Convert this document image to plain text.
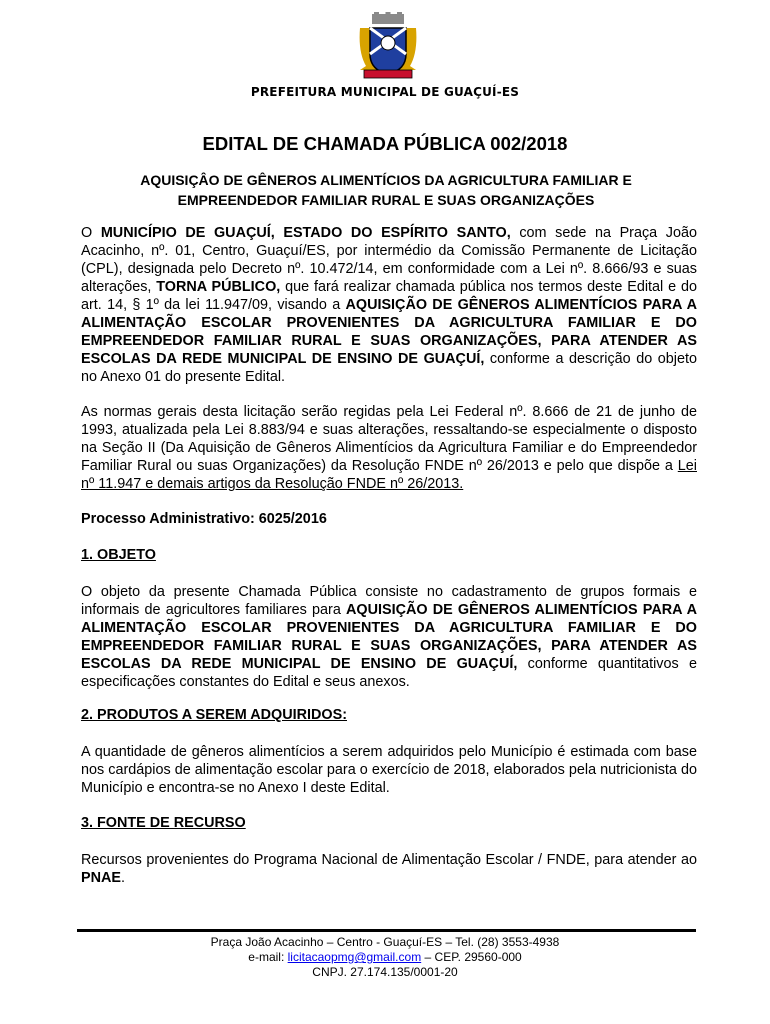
PREFEITURA MUNICIPAL DE GUAÇUÍ-ES
EDITAL DE CHAMADA PÚBLICA 002/2018
AQUISIÇÂO DE GÊNEROS ALIMENTÍCIOS DA AGRICULTURA FAMILIAR E
EMPREENDEDOR FAMILIAR RURAL E SUAS ORGANIZAÇÕES
O MUNICÍPIO DE GUAÇUÍ, ESTADO DO ESPÍRITO SANTO, com sede na Praça João Acacinho, nº. 01, Centro, Guaçuí/ES, por intermédio da Comissão Permanente de Licitação (CPL), designada pelo Decreto nº. 10.472/14, em conformidade com a Lei nº. 8.666/93 e suas alterações, TORNA PÚBLICO, que fará realizar chamada pública nos termos deste Edital e do art. 14, § 1º da lei 11.947/09, visando a AQUISIÇÃO DE GÊNEROS ALIMENTÍCIOS PARA A ALIMENTAÇÃO ESCOLAR PROVENIENTES DA AGRICULTURA FAMILIAR E DO EMPREENDEDOR FAMILIAR RURAL E SUAS ORGANIZAÇÕES, PARA ATENDER AS ESCOLAS DA REDE MUNICIPAL DE ENSINO DE GUAÇUÍ, conforme a descrição do objeto no Anexo 01 do presente Edital.
As normas gerais desta licitação serão regidas pela Lei Federal nº. 8.666 de 21 de junho de 1993, atualizada pela Lei 8.883/94 e suas alterações, ressaltando-se especialmente o disposto na Seção II (Da Aquisição de Gêneros Alimentícios da Agricultura Familiar e do Empreendedor Familiar Rural ou suas Organizações) da Resolução FNDE nº 26/2013 e pelo que dispõe a Lei nº 11.947 e demais artigos da Resolução FNDE nº 26/2013.
Processo Administrativo: 6025/2016
1. OBJETO
O objeto da presente Chamada Pública consiste no cadastramento de grupos formais e informais de agricultores familiares para AQUISIÇÃO DE GÊNEROS ALIMENTÍCIOS PARA A ALIMENTAÇÃO ESCOLAR PROVENIENTES DA AGRICULTURA FAMILIAR E DO EMPREENDEDOR FAMILIAR RURAL E SUAS ORGANIZAÇÕES, PARA ATENDER AS ESCOLAS DA REDE MUNICIPAL DE ENSINO DE GUAÇUÍ, conforme quantitativos e especificações constantes do Edital e seus anexos.
2. PRODUTOS A SEREM ADQUIRIDOS:
A quantidade de gêneros alimentícios a serem adquiridos pelo Município é estimada com base nos cardápios de alimentação escolar para o exercício de 2018, elaborados pela nutricionista do Município e encontra-se no Anexo I deste Edital.
3. FONTE DE RECURSO
Recursos provenientes do Programa Nacional de Alimentação Escolar / FNDE, para atender ao PNAE.
Praça João Acacinho – Centro - Guaçuí-ES – Tel. (28) 3553-4938
e-mail: licitacaopmg@gmail.com – CEP. 29560-000
CNPJ. 27.174.135/0001-20
